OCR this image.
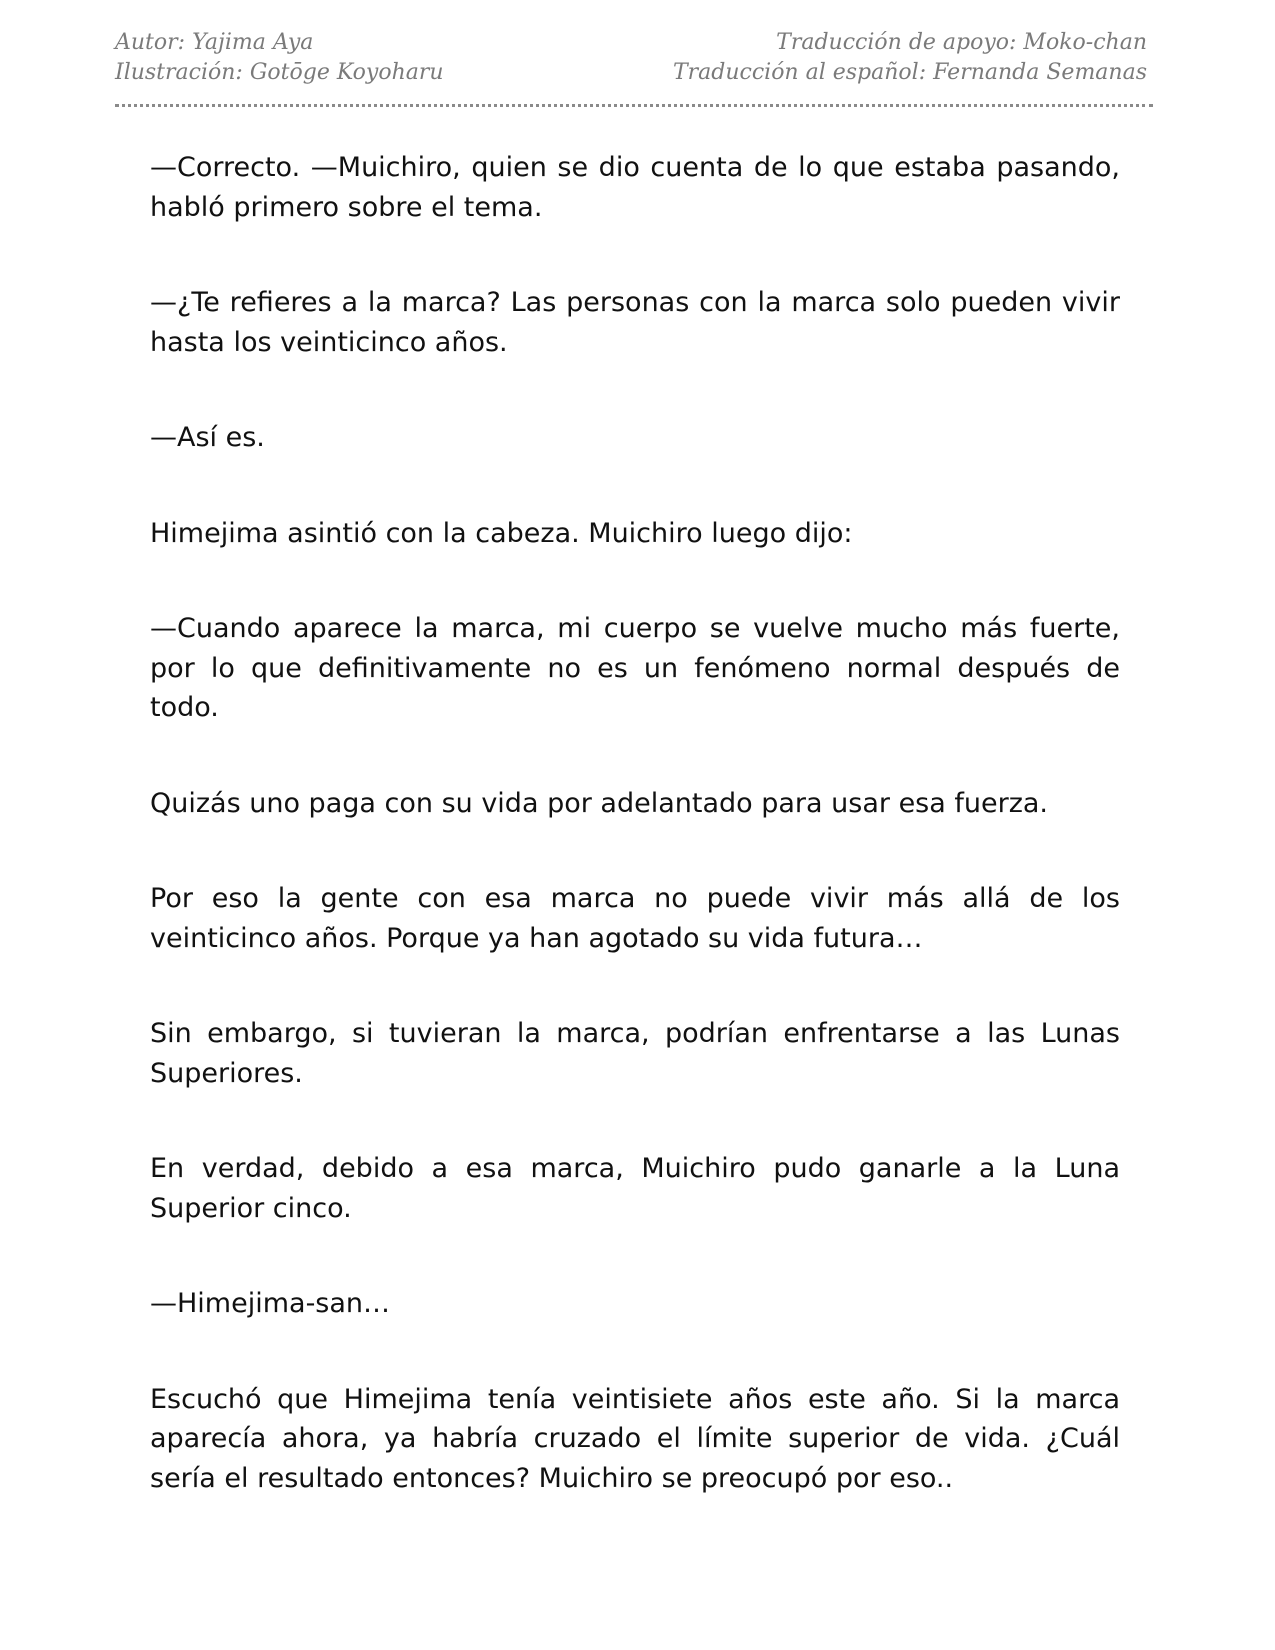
Autor: Yajima Aya
Ilustración: Gotōge Koyoharu
Traducción de apoyo: Moko-chan
Traducción al español: Fernanda Semanas

—Correcto. —Muichiro, quien se dio cuenta de lo que estaba pasando, habló primero sobre el tema.

—¿Te refieres a la marca? Las personas con la marca solo pueden vivir hasta los veinticinco años.

—Así es.

Himejima asintió con la cabeza. Muichiro luego dijo:

—Cuando aparece la marca, mi cuerpo se vuelve mucho más fuerte, por lo que definitivamente no es un fenómeno normal después de todo.

Quizás uno paga con su vida por adelantado para usar esa fuerza.

Por eso la gente con esa marca no puede vivir más allá de los veinticinco años. Porque ya han agotado su vida futura…

Sin embargo, si tuvieran la marca, podrían enfrentarse a las Lunas Superiores.

En verdad, debido a esa marca, Muichiro pudo ganarle a la Luna Superior cinco.

—Himejima-san…

Escuchó que Himejima tenía veintisiete años este año. Si la marca aparecía ahora, ya habría cruzado el límite superior de vida. ¿Cuál sería el resultado entonces? Muichiro se preocupó por eso..
